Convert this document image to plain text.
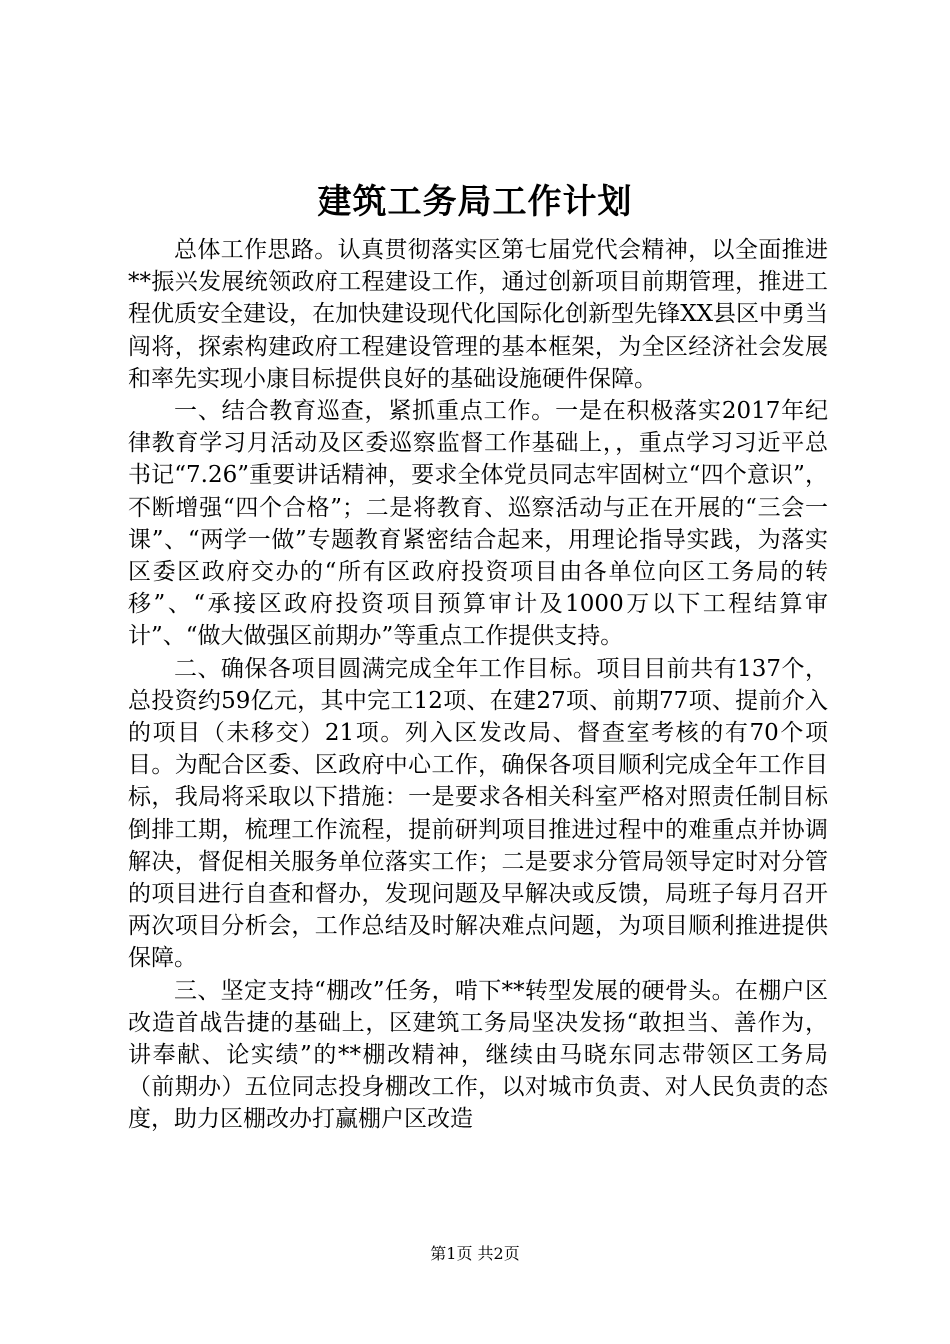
建筑工务局工作计划

总体工作思路。认真贯彻落实区第七届党代会精神，以全面推进**振兴发展统领政府工程建设工作，通过创新项目前期管理，推进工程优质安全建设，在加快建设现代化国际化创新型先锋XX县区中勇当闯将，探索构建政府工程建设管理的基本框架，为全区经济社会发展和率先实现小康目标提供良好的基础设施硬件保障。

一、结合教育巡查，紧抓重点工作。一是在积极落实2017年纪律教育学习月活动及区委巡察监督工作基础上，，重点学习习近平总书记“7.26”重要讲话精神，要求全体党员同志牢固树立“四个意识”，不断增强“四个合格”；二是将教育、巡察活动与正在开展的“三会一课”、“两学一做”专题教育紧密结合起来，用理论指导实践，为落实区委区政府交办的“所有区政府投资项目由各单位向区工务局的转移”、“承接区政府投资项目预算审计及1000万以下工程结算审计”、“做大做强区前期办”等重点工作提供支持。

二、确保各项目圆满完成全年工作目标。项目目前共有137个，总投资约59亿元，其中完工12项、在建27项、前期77项、提前介入的项目（未移交）21项。列入区发改局、督查室考核的有70个项目。为配合区委、区政府中心工作，确保各项目顺利完成全年工作目标，我局将采取以下措施：一是要求各相关科室严格对照责任制目标倒排工期，梳理工作流程，提前研判项目推进过程中的难重点并协调解决，督促相关服务单位落实工作；二是要求分管局领导定时对分管的项目进行自查和督办，发现问题及早解决或反馈，局班子每月召开两次项目分析会，工作总结及时解决难点问题，为项目顺利推进提供保障。

三、坚定支持“棚改”任务，啃下**转型发展的硬骨头。在棚户区改造首战告捷的基础上，区建筑工务局坚决发扬“敢担当、善作为，讲奉献、论实绩”的**棚改精神，继续由马晓东同志带领区工务局（前期办）五位同志投身棚改工作，以对城市负责、对人民负责的态度，助力区棚改办打赢棚户区改造

第1页 共2页
